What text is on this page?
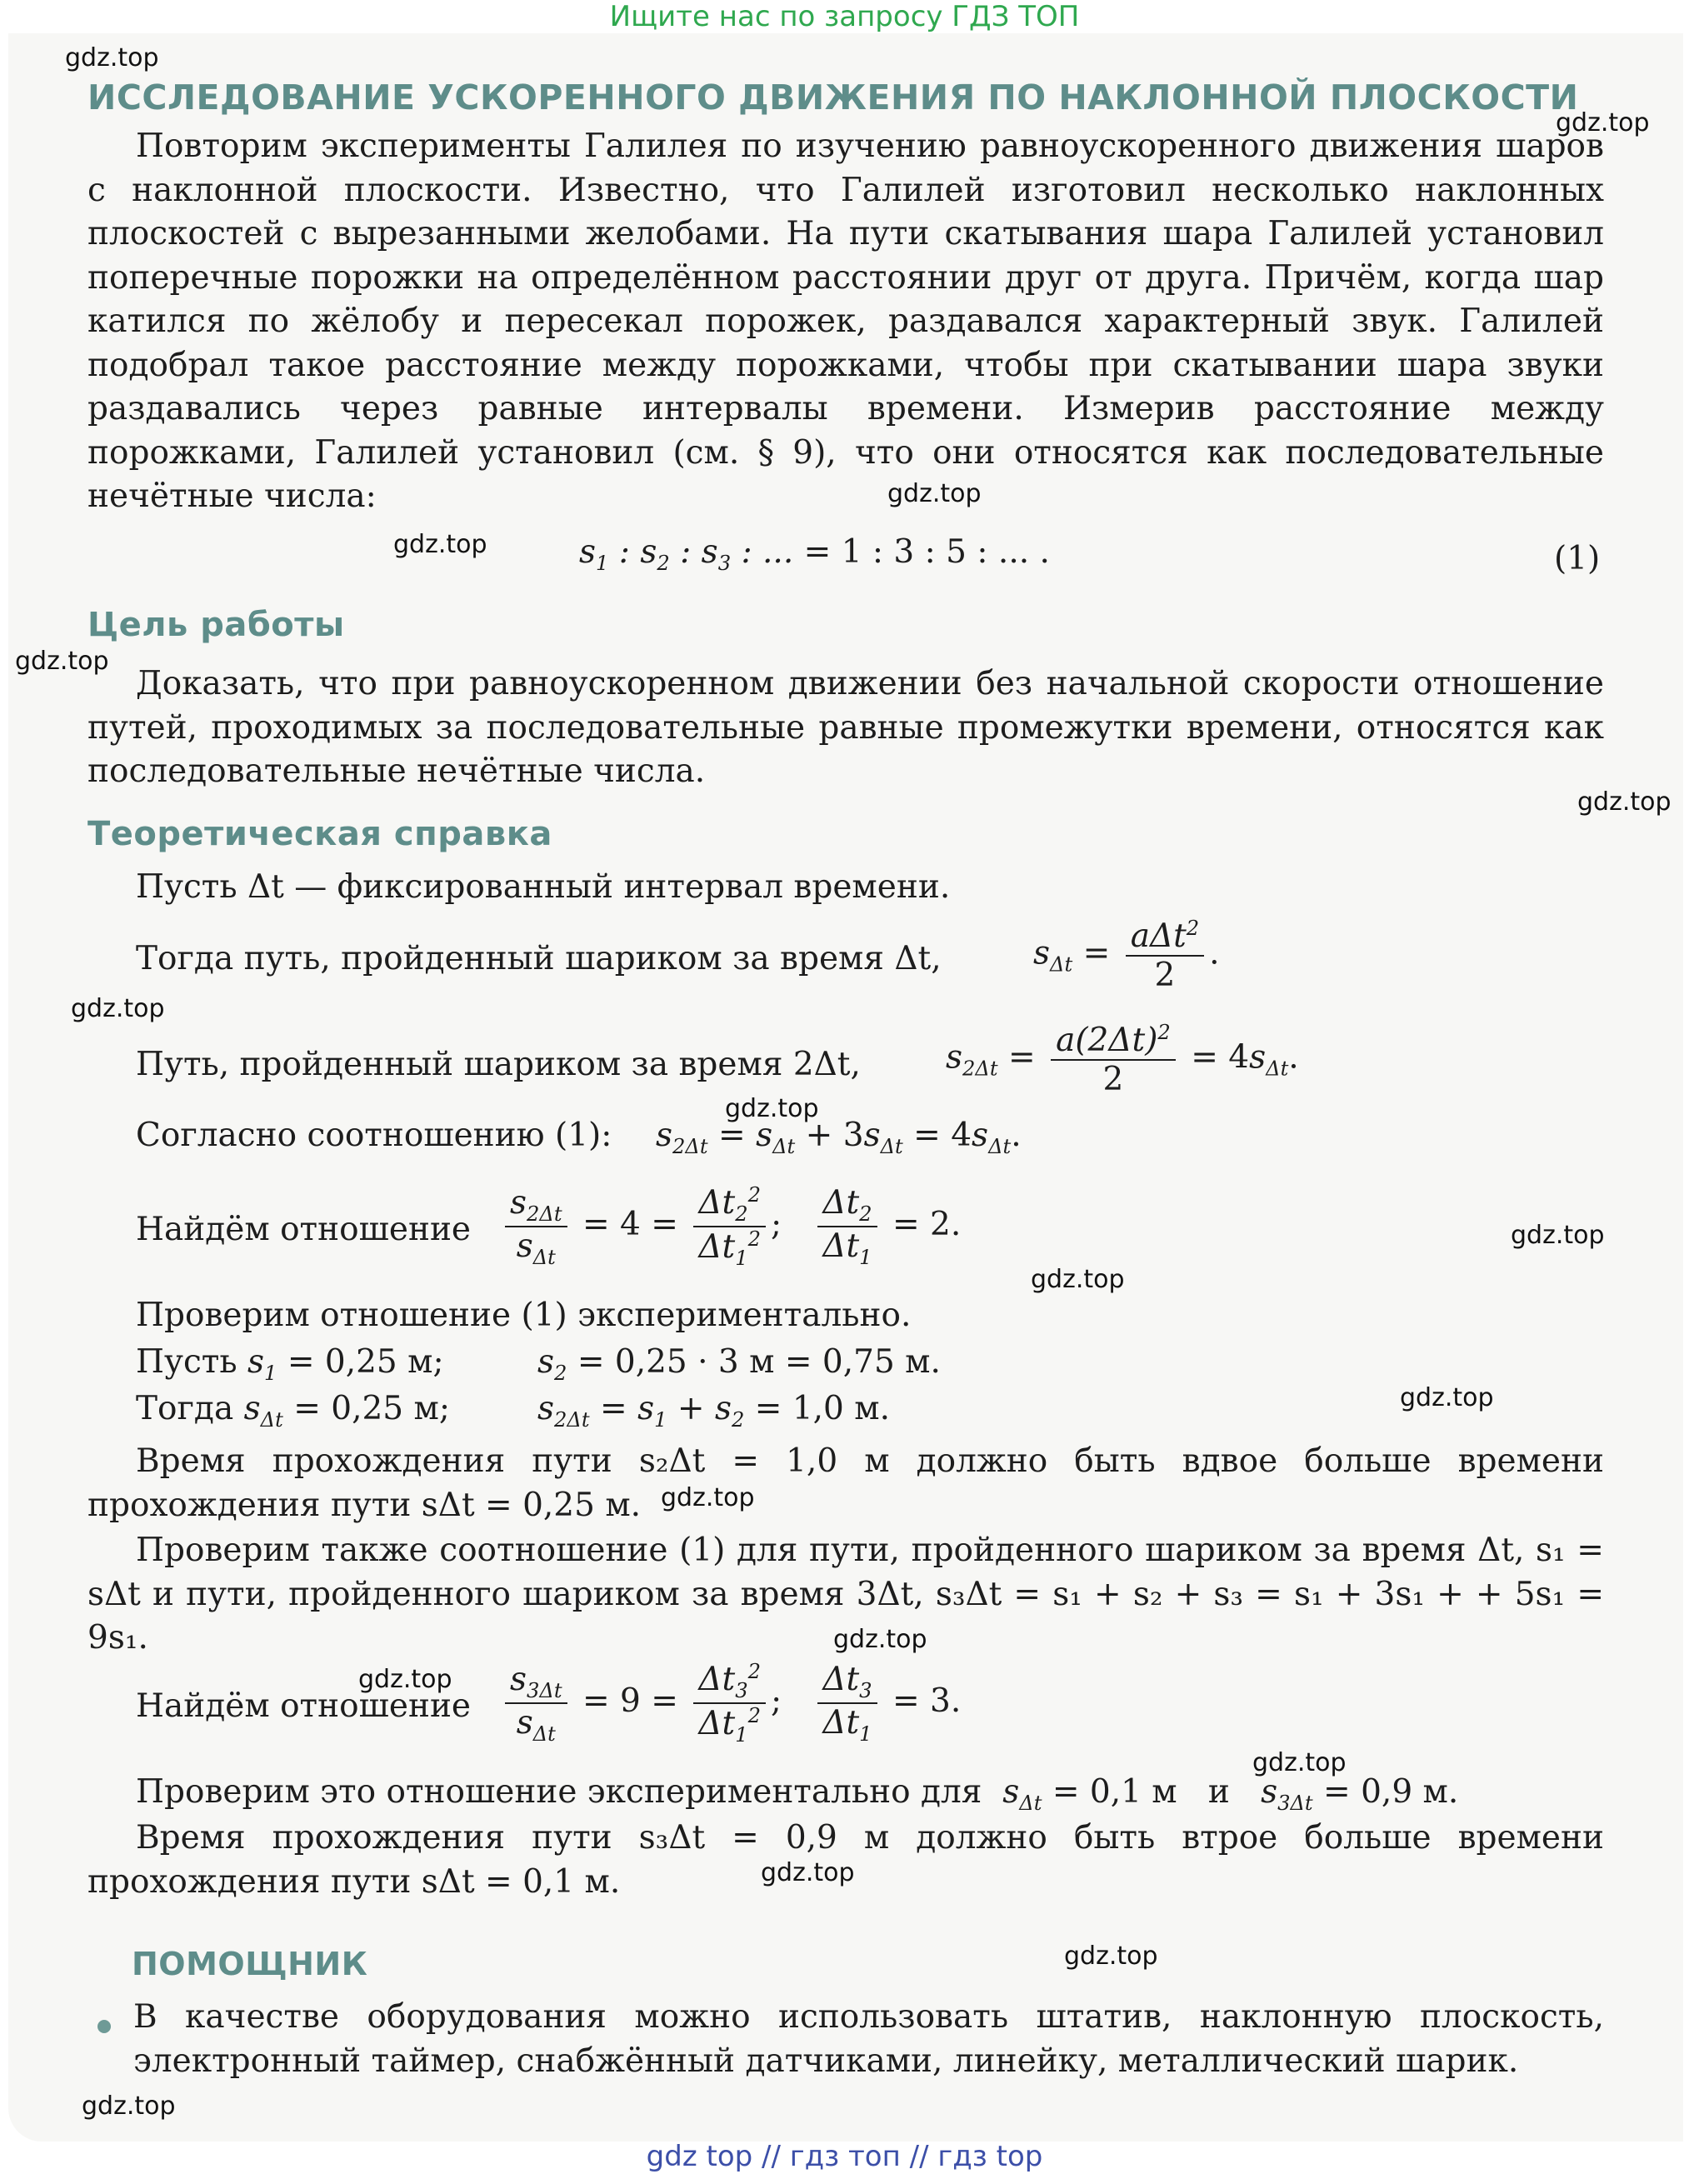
Ищите нас по запросу ГДЗ ТОП
ИССЛЕДОВАНИЕ УСКОРЕННОГО ДВИЖЕНИЯ ПО НАКЛОННОЙ ПЛОСКОСТИ
Повторим эксперименты Галилея по изучению равноускоренного движения шаров с наклонной плоскости. Известно, что Галилей изготовил несколько наклонных плоскостей с вырезанными желобами. На пути скатывания шара Галилей установил поперечные порожки на определённом расстоянии друг от друга. Причём, когда шар катился по жёлобу и пересекал порожек, раздавался характерный звук. Галилей подобрал такое расстояние между порожками, чтобы при скатывании шара звуки раздавались через равные интервалы времени. Измерив расстояние между порожками, Галилей установил (см. § 9), что они относятся как последовательные нечётные числа:
$s_1$ : $s_2$ : $s_3$ : ... = 1 : 3 : 5 : ... .	(1)
Цель работы
Доказать, что при равноускоренном движении без начальной скорости отношение путей, проходимых за последовательные равные промежутки времени, относятся как последовательные нечётные числа.
Теоретическая справка
Пусть Δt — фиксированный интервал времени.
Тогда путь, пройденный шариком за время Δt,	$s_{\Delta t} = \frac{a\Delta t^2}{2}$ .
Путь, пройденный шариком за время 2Δt,	$s_{2\Delta t} = \frac{a(2\Delta t)^2}{2} = 4s_{\Delta t}$.
Согласно соотношению (1): $s_{2\Delta t} = s_{\Delta t} + 3s_{\Delta t} = 4s_{\Delta t}$.
Найдём отношение $\frac{s_{2\Delta t}}{s_{\Delta t}} = 4 = \frac{\Delta t_2^2}{\Delta t_1^2}$ ; $\frac{\Delta t_2}{\Delta t_1} = 2$.
Проверим отношение (1) экспериментально.
Пусть $s_1 = 0,25$ м;	$s_2 = 0,25 \cdot 3$ м = 0,75 м.
Тогда $s_{\Delta t} = 0,25$ м;	$s_{2\Delta t} = s_1 + s_2 = 1,0$ м.
Время прохождения пути s₂Δt = 1,0 м должно быть вдвое больше времени прохождения пути sΔt = 0,25 м.
Проверим также соотношение (1) для пути, пройденного шариком за время Δt, s₁ = sΔt и пути, пройденного шариком за время 3Δt, s₃Δt = s₁ + s₂ + s₃ = s₁ + 3s₁ + + 5s₁ = 9s₁.
Найдём отношение $\frac{s_{3\Delta t}}{s_{\Delta t}} = 9 = \frac{\Delta t_3^2}{\Delta t_1^2}$ ; $\frac{\Delta t_3}{\Delta t_1} = 3$.
Проверим это отношение экспериментально для $s_{\Delta t} = 0,1$ м и $s_{3\Delta t} = 0,9$ м.
Время прохождения пути s₃Δt = 0,9 м должно быть втрое больше времени прохождения пути sΔt = 0,1 м.
ПОМОЩНИК
В качестве оборудования можно использовать штатив, наклонную плоскость, электронный таймер, снабжённый датчиками, линейку, металлический шарик.
gdz.top
gdz.top
gdz.top
gdz.top
gdz.top
gdz.top
gdz.top
gdz.top
gdz.top
gdz.top
gdz.top
gdz.top
gdz.top
gdz.top
gdz.top
gdz.top
gdz.top
gdz.top
gdz top // гдз топ // гдз top
